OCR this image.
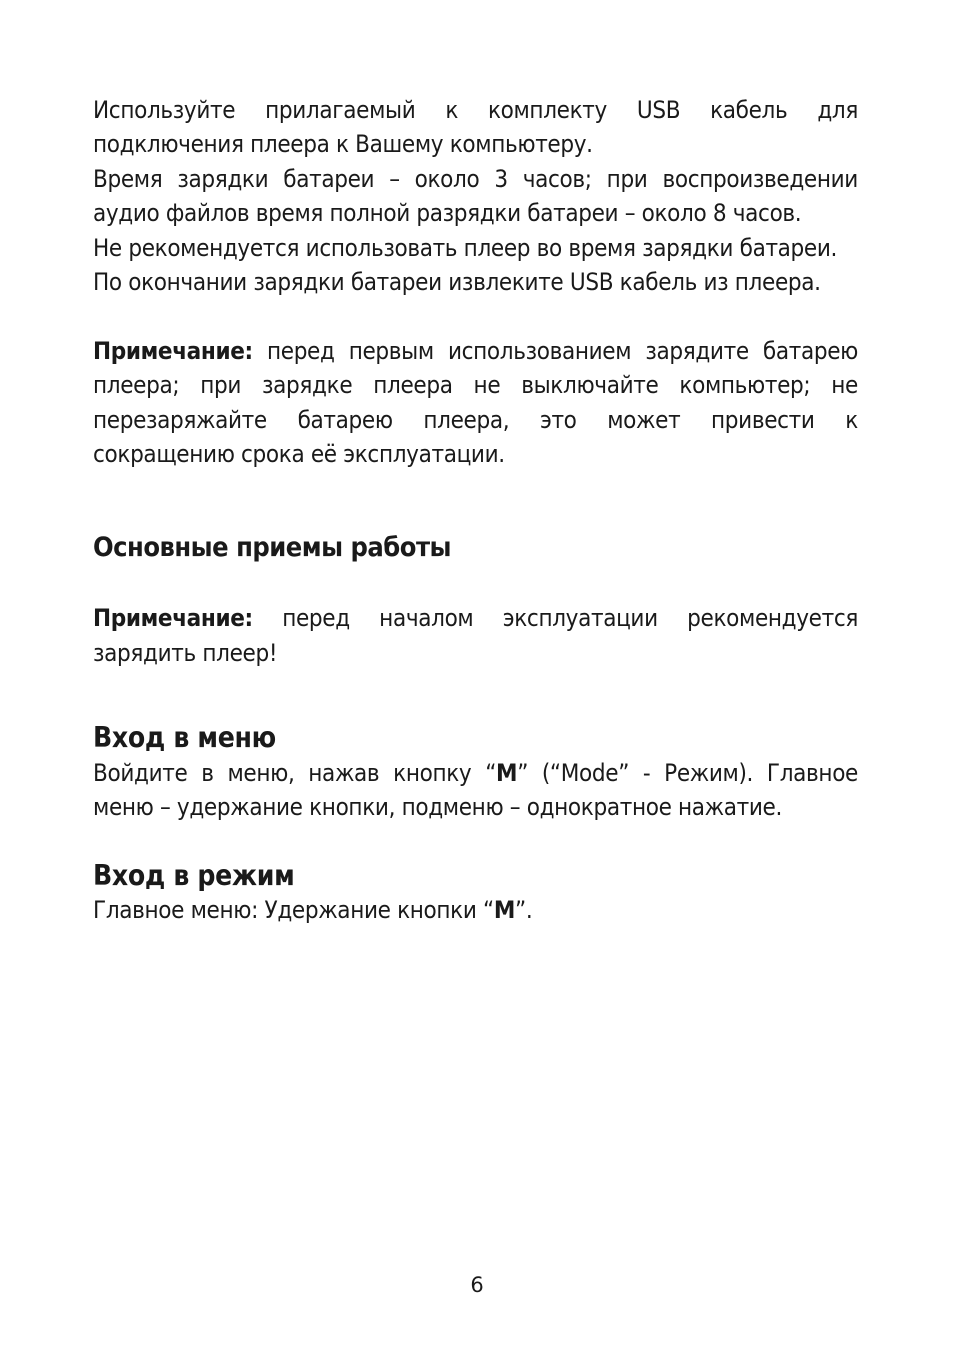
Используйте прилагаемый к комплекту USB кабель для подключения плеера к Вашему компьютеру.

Время зарядки батареи – около 3 часов; при воспроизведении аудио файлов время полной разрядки батареи – около 8 часов.

Не рекомендуется использовать плеер во время зарядки батареи.

По окончании зарядки батареи извлеките USB кабель из плеера.

Примечание: перед первым использованием зарядите батарею плеера; при зарядке плеера не выключайте компьютер; не перезаряжайте батарею плеера, это может привести к сокращению срока её эксплуатации.

Основные приемы работы

Примечание: перед началом эксплуатации рекомендуется зарядить плеер!

Вход в меню

Войдите в меню, нажав кнопку “M” (“Mode” - Режим). Главное меню – удержание кнопки, подменю – однократное нажатие.

Вход в режим

Главное меню: Удержание кнопки “M”.

6
